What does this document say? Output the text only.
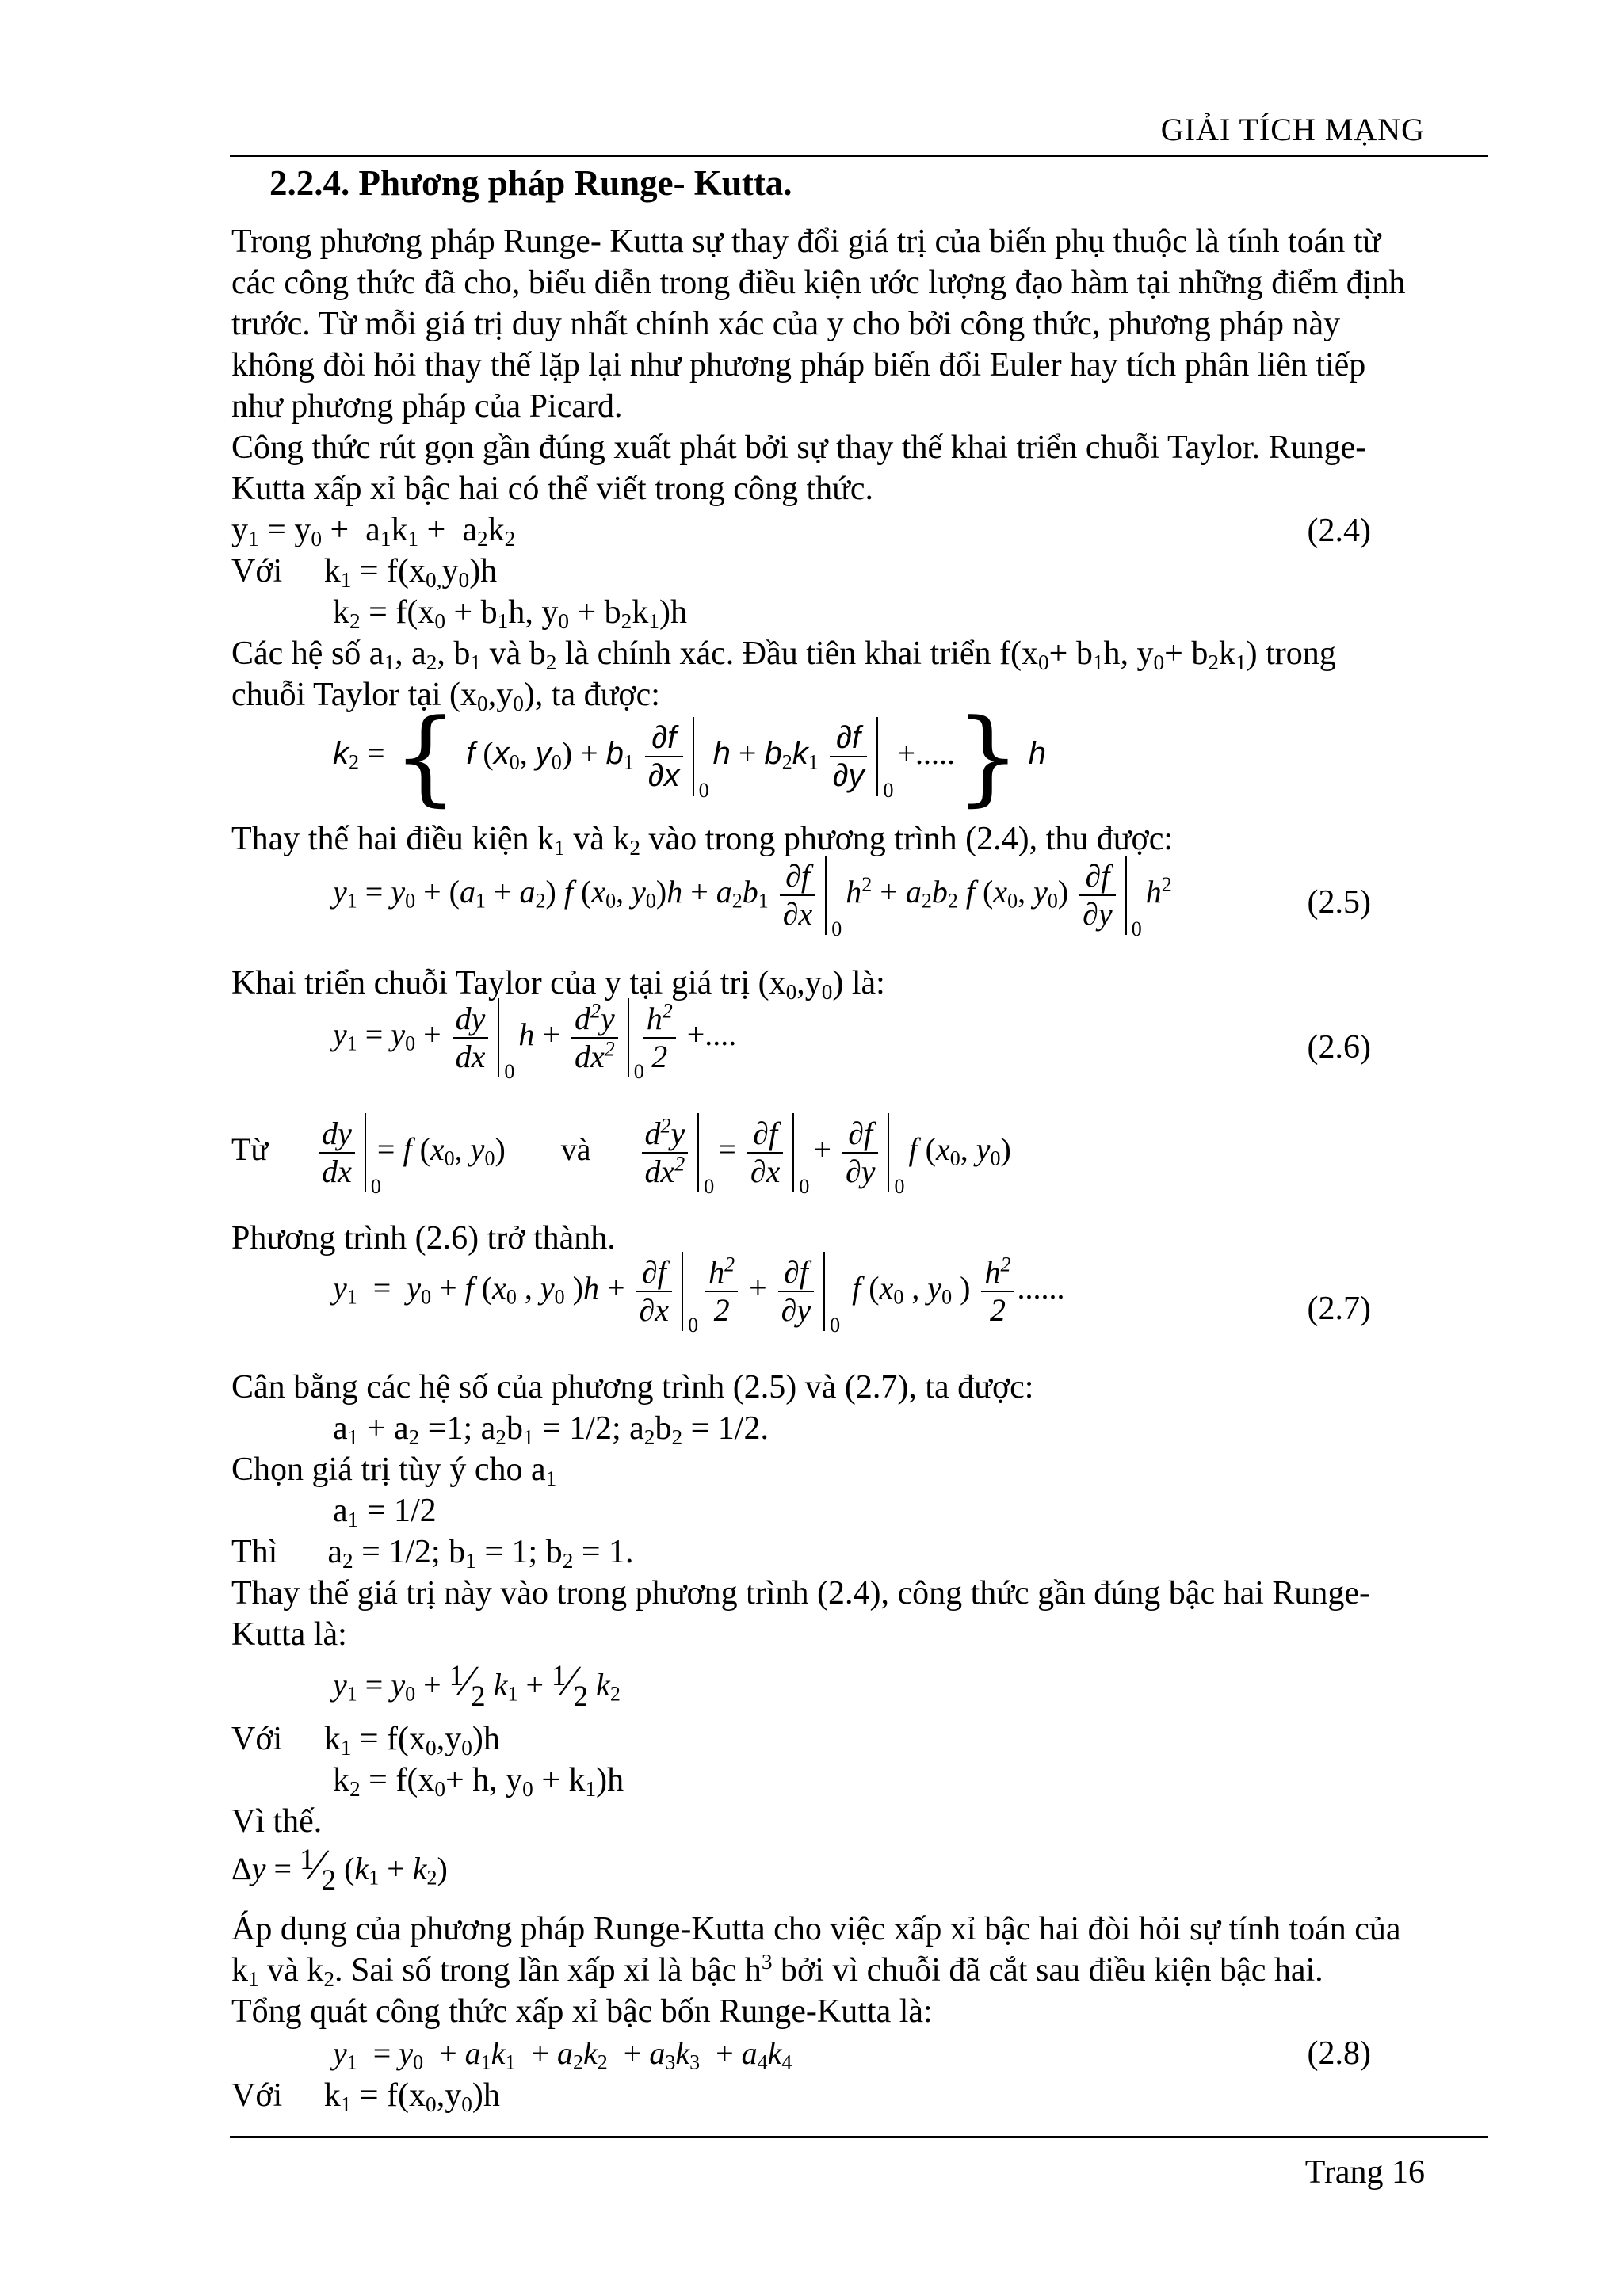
GIẢI TÍCH MẠNG
2.2.4. Phương pháp Runge- Kutta.
Trong phương pháp Runge- Kutta sự thay đổi giá trị của biến phụ thuộc là tính toán từ
các công thức đã cho, biểu diễn trong điều kiện ước lượng đạo hàm tại những điểm định
trước. Từ mỗi giá trị duy nhất chính xác của y cho bởi công thức, phương pháp này
không đòi hỏi thay thế lặp lại như phương pháp biến đổi Euler hay tích phân liên tiếp
như phương pháp của Picard.
Công thức rút gọn gần đúng xuất phát bởi sự thay thế khai triển chuỗi Taylor. Runge-
Kutta xấp xỉ bậc hai có thể viết trong công thức.
$y_1 = y_0 + a_1k_1 + a_2k_2$	(2.4)
Với     $k_1 = f(x_{0,}y_0)h$
$k_2 = f(x_0 + b_1h$, $y_0 + b_2k_1)h$
Các hệ số $a_1$, $a_2$, $b_1$ và $b_2$ là chính xác. Đầu tiên khai triển $f(x_0+ b_1h$, $y_0+ b_2k_1$) trong
chuỗi Taylor tại $(x_0,y_0)$, ta được:
$k_2$ = { f ($x_0$, $y_0) + b_1 \frac{\partial f}{\partial x} 0$
$h + b_2k_1 \frac{\partial f}{\partial y} 0$
+.....} h
Thay thế hai điều kiện $k_1$ và $k_2$ vào trong phương trình (2.4), thu được:
$y_1 = y_0 + (a_1 + a_2)$ f ($x_0$, $y_0)h + a_2b_1 \frac{\partial f}{\partial x} 0$
$h^2 + a_2b_2$ f ($x_0$, $y_0) \frac{\partial f}{\partial y} 0$
$h^2$	(2.5)
Khai triển chuỗi Taylor của y tại giá trị $(x_0,y_0)$ là:
$y_1 = y_0 + \frac{dy}{dx} 0$
$h + \frac{d^2y}{dx^2} 0$
$\frac{h^2}{2}$ +....	(2.6)
Từ $\frac{dy}{dx} 0$
= f ($x_0$, $y_0$)       và $\frac{d^2y}{dx^2} 0$
= $\frac{\partial f}{\partial x} 0$
+ $\frac{\partial f}{\partial y} 0$
f ($x_0$, $y_0$)
Phương trình (2.6) trở thành.
$y_1 = y_0 + f$ ($x_0$ , $y_0$ )$h + \frac{\partial f}{\partial x} 0$
$\frac{h^2}{2} + \frac{\partial f}{\partial y} 0$
f ($x_0$ , $y_0$ ) $\frac{h^2}{2}$ ......
(2.7)
Cân bằng các hệ số của phương trình (2.5) và (2.7), ta được:
$a_1 + a_2 =1$; $a_2b_1 = 1/2$; $a_2b_2 = 1/2$.
Chọn giá trị tùy ý cho $a_1$
$a_1 = 1/2$
Thì      $a_2 = 1/2$; $b_1 = 1$; $b_2 = 1$.
Thay thế giá trị này vào trong phương trình (2.4), công thức gần đúng bậc hai Runge-
Kutta là:
$y_1 = y_0$ + $^1⁄_2$ $k_1$ + $^1⁄_2$ $k_2$
Với     $k_1 = f(x_0,y_0)h$
$k_2 = f(x_0+ h$, $y_0 + k_1)h$
Vì thế.
$\Delta y = ^1⁄_2$ $(k_1 + k_2)$
Áp dụng của phương pháp Runge-Kutta cho việc xấp xỉ bậc hai đòi hỏi sự tính toán của
$k_1$ và $k_2$. Sai số trong lần xấp xỉ là bậc $h^3$ bởi vì chuỗi đã cắt sau điều kiện bậc hai.
Tổng quát công thức xấp xỉ bậc bốn Runge-Kutta là:
$y_1 = y_0 + a_1k_1 + a_2k_2 + a_3k_3 + a_4k_4$	(2.8)
Với     $k_1 = f(x_0,y_0)h$
Trang 16
